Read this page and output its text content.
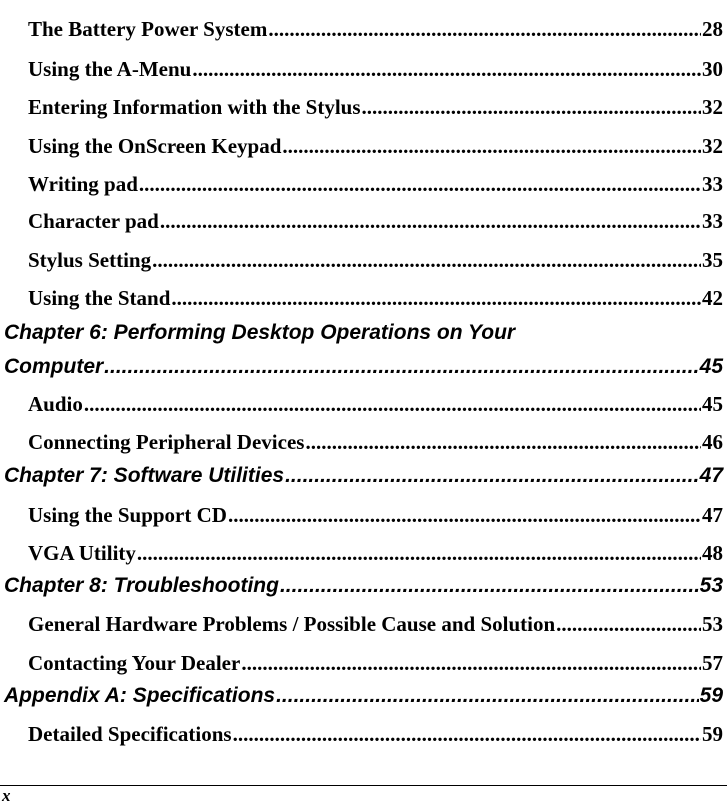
The Battery Power System .....	28
Using the A-Menu .....	30
Entering Information with the Stylus .....	32
Using the OnScreen Keypad .....	32
Writing pad .....	33
Character pad .....	33
Stylus Setting .....	35
Using the Stand .....	42
Chapter 6: Performing Desktop Operations on Your
Computer .....	45
Audio .....	45
Connecting Peripheral Devices .....	46
Chapter 7: Software Utilities .....	47
Using the Support CD .....	47
VGA Utility .....	48
Chapter 8: Troubleshooting .....	53
General Hardware Problems / Possible Cause and Solution .....	53
Contacting Your Dealer .....	57
Appendix A: Specifications .....	59
Detailed Specifications .....	59
x
